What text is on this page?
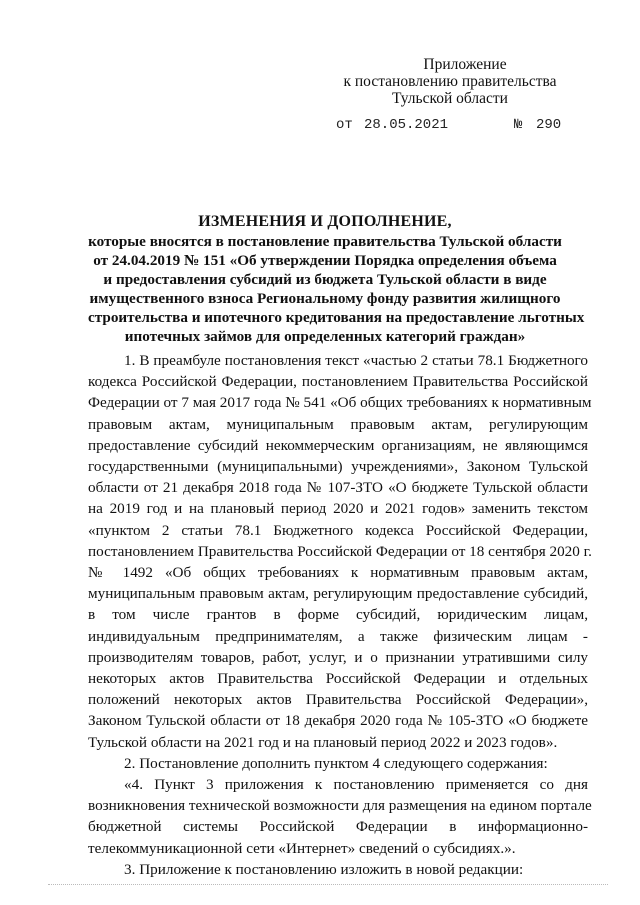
Приложение
к постановлению правительства
Тульской области
от 28.05.2021	№ 290
ИЗМЕНЕНИЯ И ДОПОЛНЕНИЕ,
которые вносятся в постановление правительства Тульской области
от 24.04.2019 № 151 «Об утверждении Порядка определения объема
и предоставления субсидий из бюджета Тульской области в виде
имущественного взноса Региональному фонду развития жилищного
строительства и ипотечного кредитования на предоставление льготных
ипотечных займов для определенных категорий граждан»
1. В преамбуле постановления текст «частью 2 статьи 78.1 Бюджетного
кодекса Российской Федерации, постановлением Правительства Российской
Федерации от 7 мая 2017 года № 541 «Об общих требованиях к нормативным
правовым актам, муниципальным правовым актам, регулирующим
предоставление субсидий некоммерческим организациям, не являющимся
государственными (муниципальными) учреждениями», Законом Тульской
области от 21 декабря 2018 года № 107-ЗТО «О бюджете Тульской области
на 2019 год и на плановый период 2020 и 2021 годов» заменить текстом
«пунктом 2 статьи 78.1 Бюджетного кодекса Российской Федерации,
постановлением Правительства Российской Федерации от 18 сентября 2020 г.
№ 1492 «Об общих требованиях к нормативным правовым актам,
муниципальным правовым актам, регулирующим предоставление субсидий,
в том числе грантов в форме субсидий, юридическим лицам,
индивидуальным предпринимателям, а также физическим лицам -
производителям товаров, работ, услуг, и о признании утратившими силу
некоторых актов Правительства Российской Федерации и отдельных
положений некоторых актов Правительства Российской Федерации»,
Законом Тульской области от 18 декабря 2020 года № 105-ЗТО «О бюджете
Тульской области на 2021 год и на плановый период 2022 и 2023 годов».
2. Постановление дополнить пунктом 4 следующего содержания:
«4. Пункт 3 приложения к постановлению применяется со дня
возникновения технической возможности для размещения на едином портале
бюджетной системы Российской Федерации в информационно-
телекоммуникационной сети «Интернет» сведений о субсидиях.».
3. Приложение к постановлению изложить в новой редакции:
